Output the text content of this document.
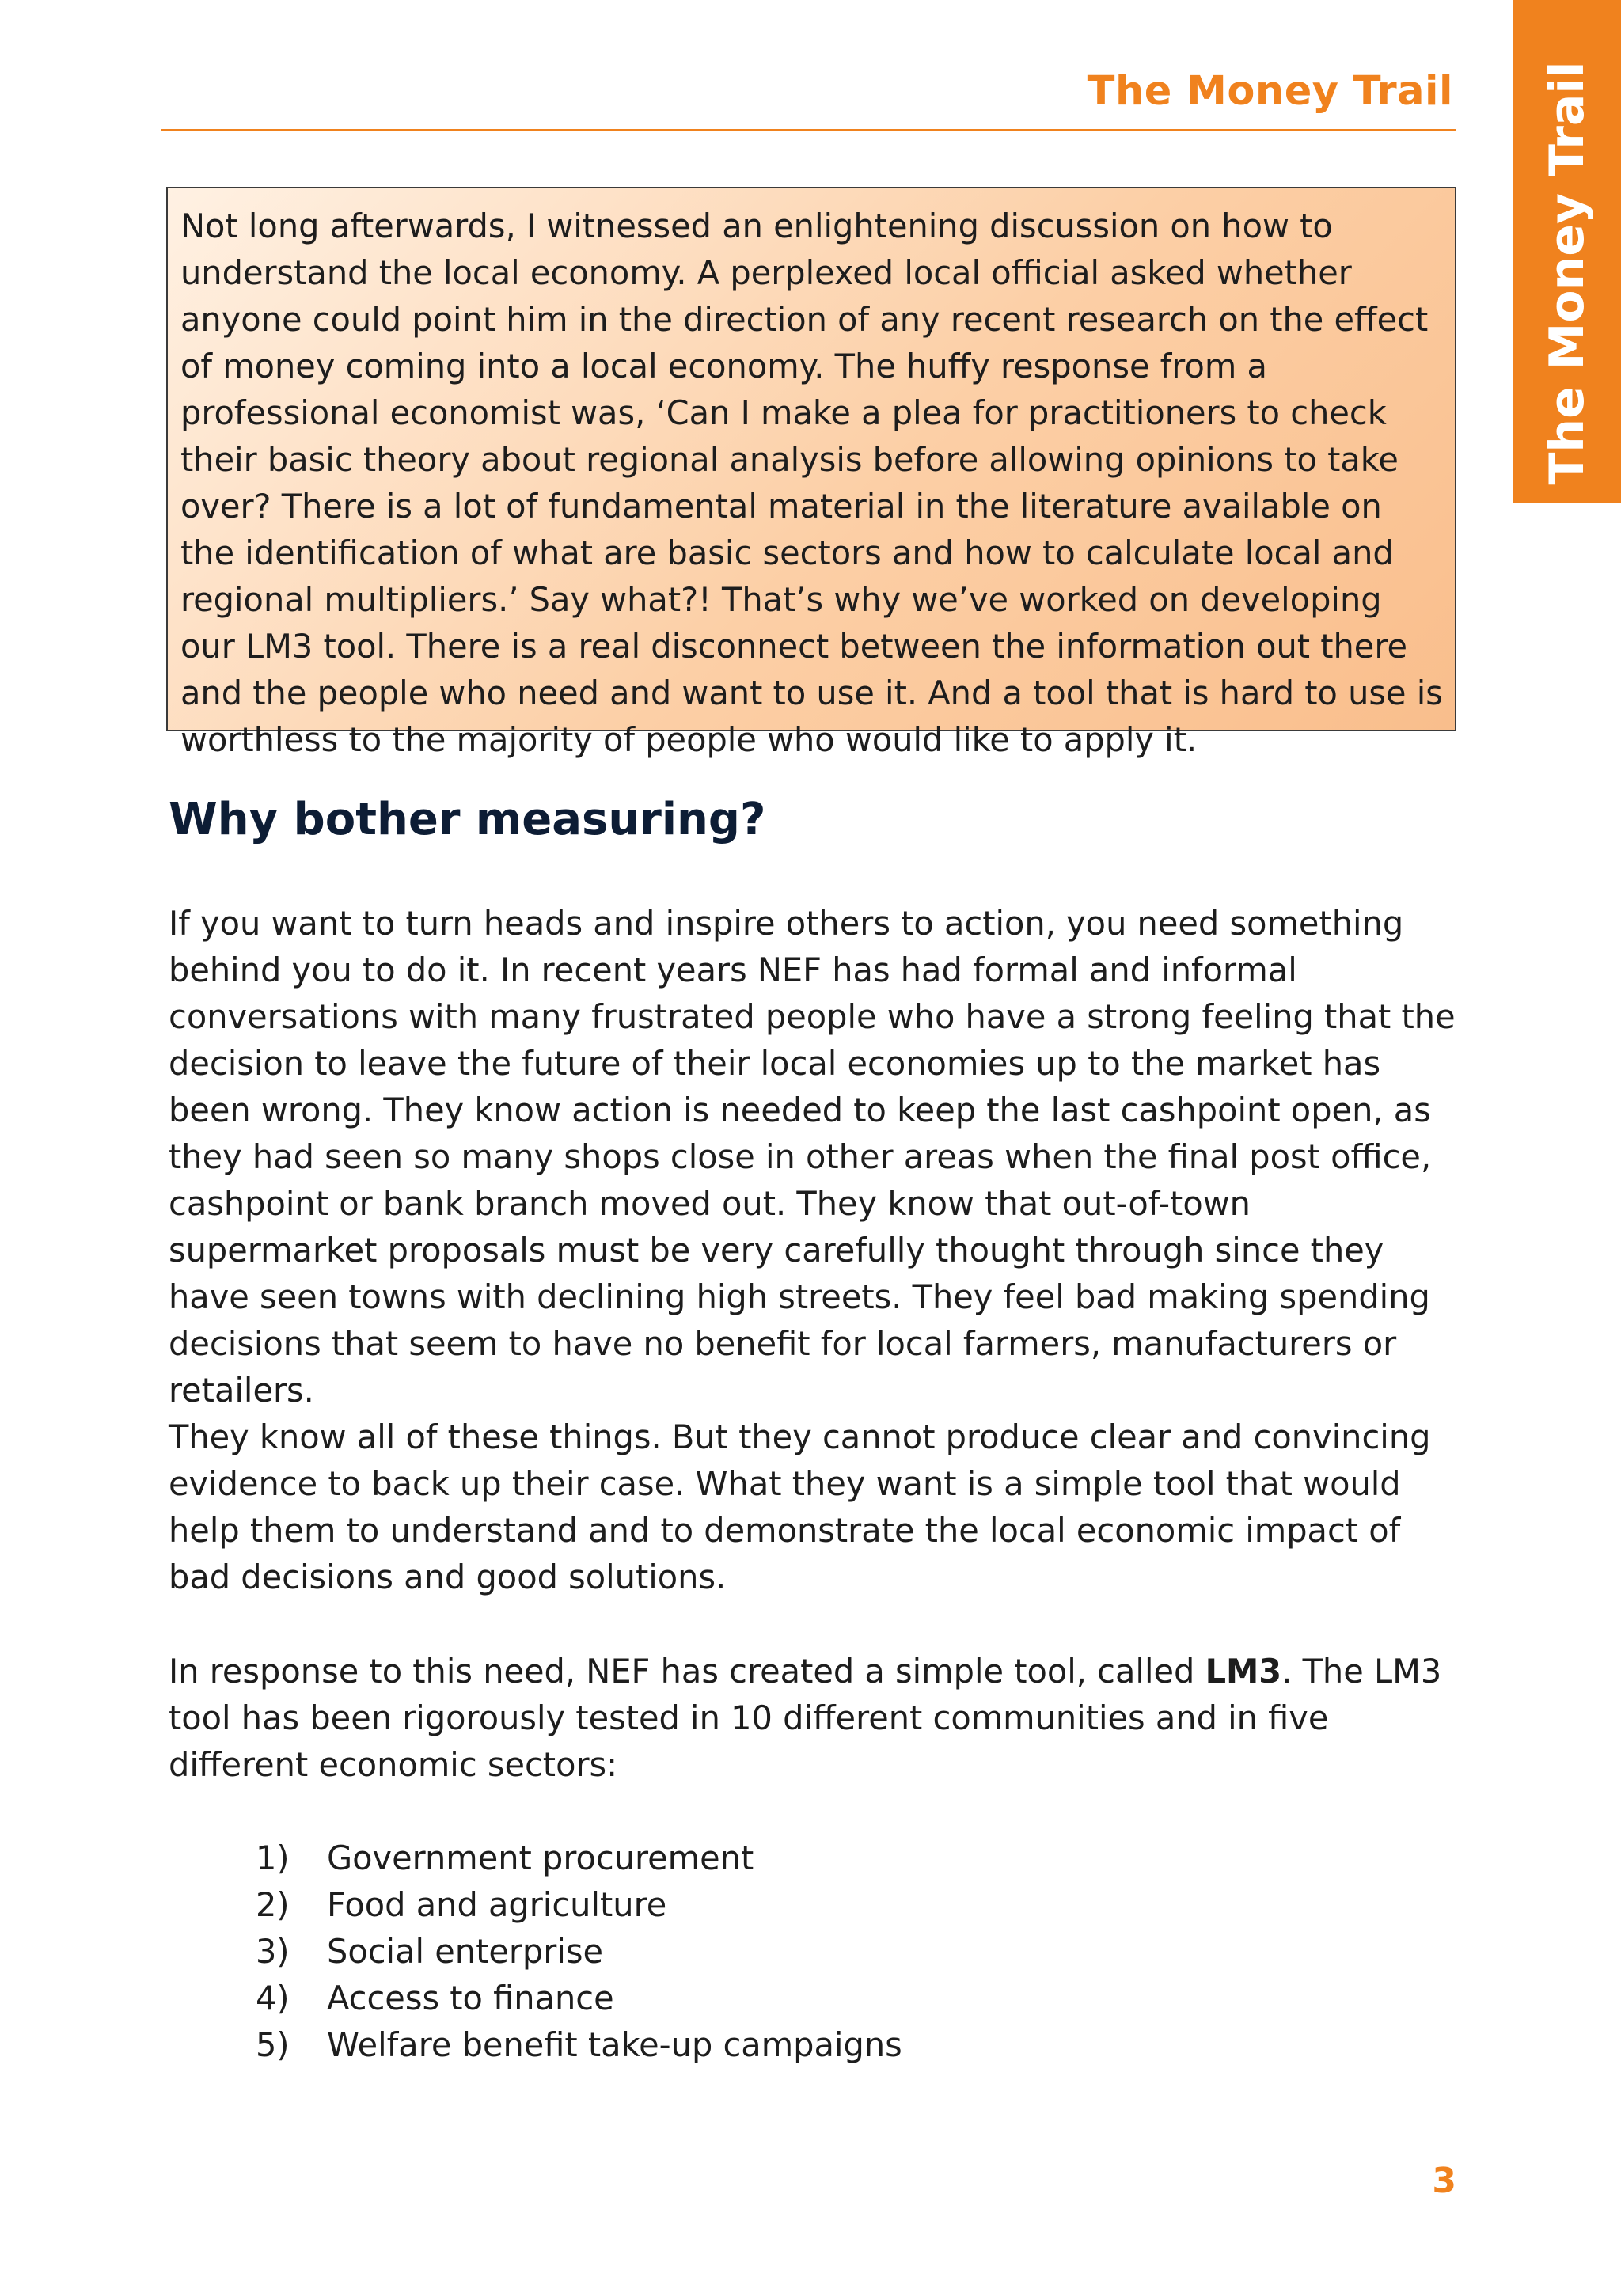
The Money Trail The Money Trail

Not long afterwards, I witnessed an enlightening discussion on how to understand the local economy. A perplexed local official asked whether anyone could point him in the direction of any recent research on the effect of money coming into a local economy. The huffy response from a professional economist was, ‘Can I make a plea for practitioners to check their basic theory about regional analysis before allowing opinions to take over? There is a lot of fundamental material in the literature available on the identification of what are basic sectors and how to calculate local and regional multipliers.’ Say what?! That’s why we’ve worked on developing our LM3 tool. There is a real disconnect between the information out there and the people who need and want to use it. And a tool that is hard to use is worthless to the majority of people who would like to apply it.

Why bother measuring?

If you want to turn heads and inspire others to action, you need something behind you to do it. In recent years NEF has had formal and informal conversations with many frustrated people who have a strong feeling that the decision to leave the future of their local economies up to the market has been wrong. They know action is needed to keep the last cashpoint open, as they had seen so many shops close in other areas when the final post office, cashpoint or bank branch moved out. They know that out-of-town supermarket proposals must be very carefully thought through since they have seen towns with declining high streets. They feel bad making spending decisions that seem to have no benefit for local farmers, manufacturers or retailers.

They know all of these things. But they cannot produce clear and convincing evidence to back up their case. What they want is a simple tool that would help them to understand and to demonstrate the local economic impact of bad decisions and good solutions.

In response to this need, NEF has created a simple tool, called LM3. The LM3 tool has been rigorously tested in 10 different communities and in five different economic sectors:

1) Government procurement
2) Food and agriculture
3) Social enterprise
4) Access to finance
5) Welfare benefit take-up campaigns
3
